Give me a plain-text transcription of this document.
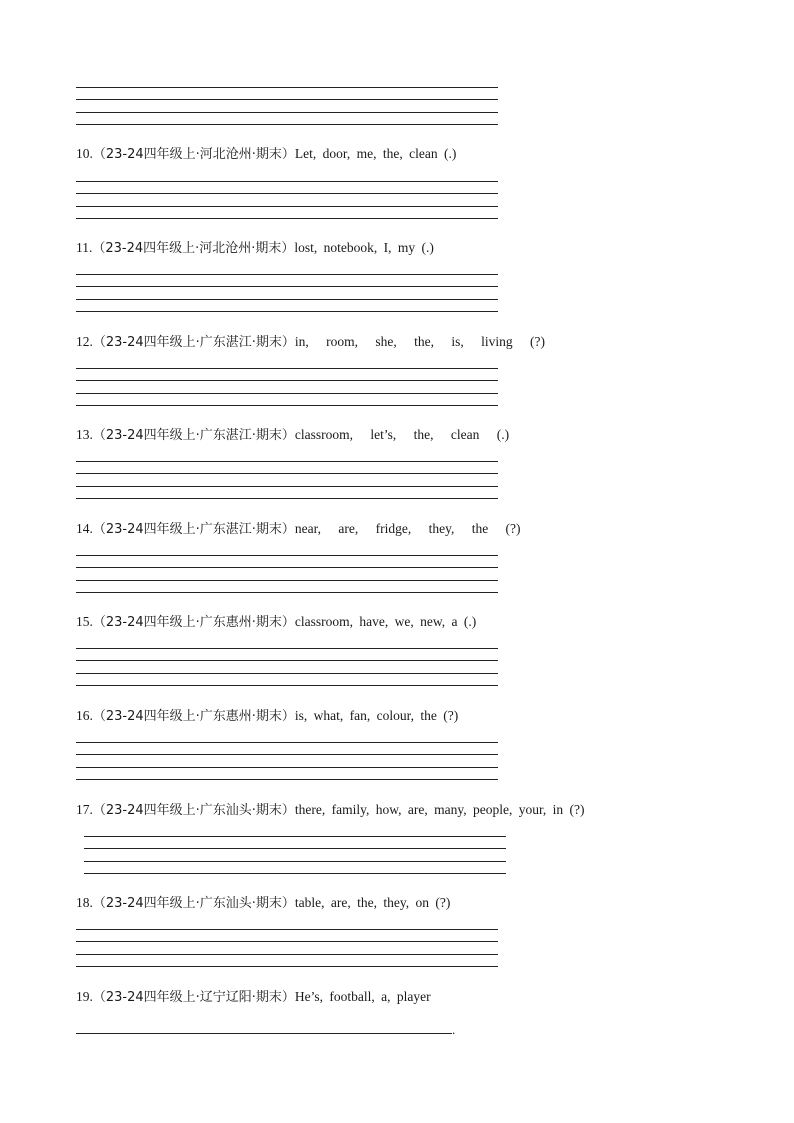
10.（23-24四年级上·河北沧州·期末）Let, door, me, the, clean (.)
11.（23-24四年级上·河北沧州·期末）lost, notebook, I, my (.)
12.（23-24四年级上·广东湛江·期末）in, room, she, the, is, living (?)
13.（23-24四年级上·广东湛江·期末）classroom, let’s, the, clean (.)
14.（23-24四年级上·广东湛江·期末）near, are, fridge, they, the (?)
15.（23-24四年级上·广东惠州·期末）classroom, have, we, new, a (.)
16.（23-24四年级上·广东惠州·期末）is, what, fan, colour, the (?)
17.（23-24四年级上·广东汕头·期末）there, family, how, are, many, people, your, in (?)
18.（23-24四年级上·广东汕头·期末）table, are, the, they, on (?)
19.（23-24四年级上·辽宁辽阳·期末）He’s, football, a, player
.
